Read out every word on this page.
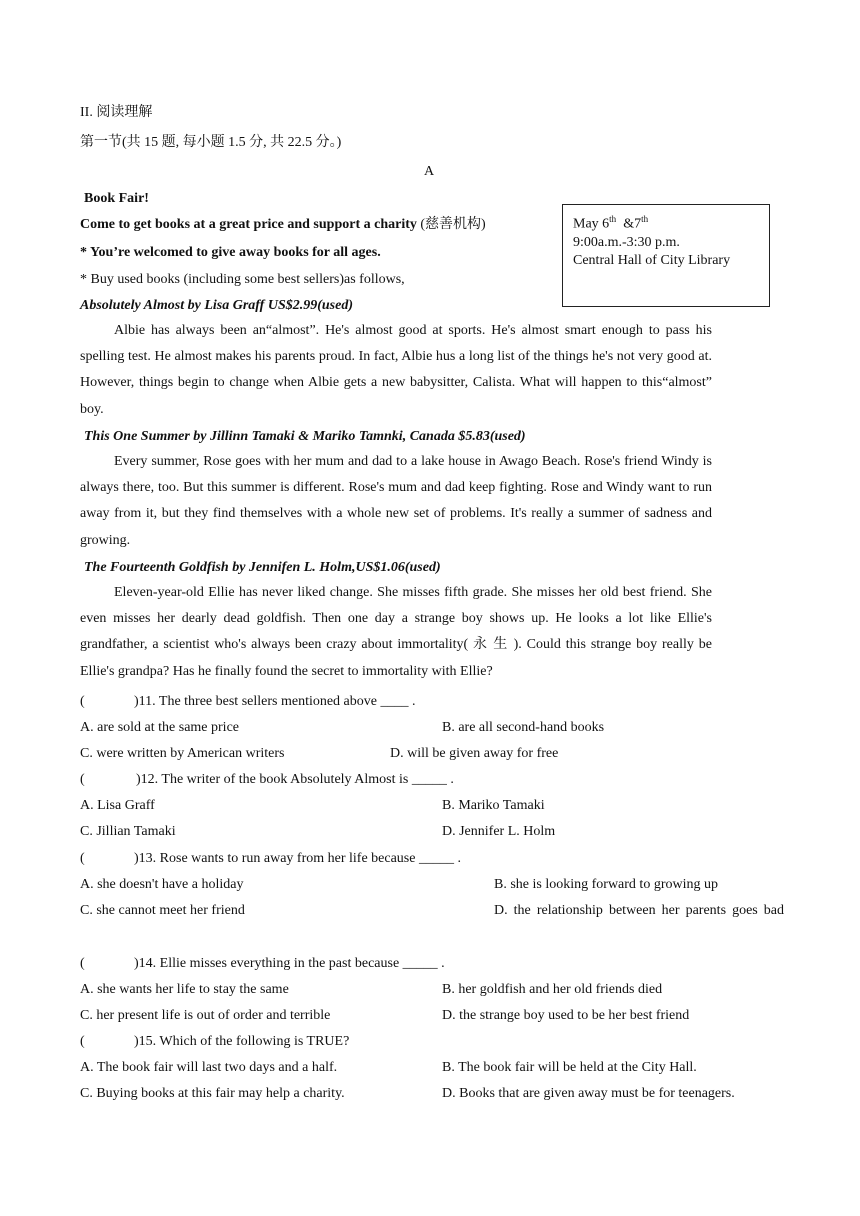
II. 阅读理解
第一节(共 15 题, 每小题 1.5 分, 共 22.5 分。)
A
Book Fair!
Come to get books at a great price and support a charity (慈善机构)
* You’re welcomed to give away books for all ages.
* Buy used books (including some best sellers)as follows,
May 6th  &7th
9:00a.m.-3:30 p.m.
Central Hall of City Library
Absolutely Almost by Lisa Graff US$2.99(used)

Albie has always been an“almost”. He's almost good at sports. He's almost smart enough to pass his spelling test. He almost makes his parents proud. In fact, Albie hus a long list of the things he's not very good at. However, things begin to change when Albie gets a new babysitter, Calista. What will happen to this“almost” boy.

This One Summer by Jillinn Tamaki & Mariko Tamnki, Canada $5.83(used)

Every summer, Rose goes with her mum and dad to a lake house in Awago Beach. Rose's friend Windy is always there, too. But this summer is different. Rose's mum and dad keep fighting. Rose and Windy want to run away from it, but they find themselves with a whole new set of problems. It's really a summer of sadness and growing.

The Fourteenth Goldfish by Jennifen L. Holm,US$1.06(used)

Eleven-year-old Ellie has never liked change. She misses fifth grade. She misses her old best friend. She even misses her dearly dead goldfish. Then one day a strange boy shows up. He looks a lot like Ellie's grandfather, a scientist who's always been crazy about immortality( 永 生 ). Could this strange boy really be Ellie's grandpa? Has he finally found the secret to immortality with Ellie?

(	)11. The three best sellers mentioned above ____ .
A. are sold at the same price	B. are all second-hand books
C. were written by American writers	D. will be given away for free
(	)12. The writer of the book Absolutely Almost is _____ .
A. Lisa Graff	B. Mariko Tamaki
C. Jillian Tamaki	D. Jennifer L. Holm
(	)13. Rose wants to run away from her life because _____ .
A. she doesn't have a holiday	B. she is looking forward to growing up
C. she cannot meet her friend	D. the relationship between her parents goes bad
(	)14. Ellie misses everything in the past because _____ .
A. she wants her life to stay the same	B. her goldfish and her old friends died
C. her present life is out of order and terrible	D. the strange boy used to be her best friend
(	)15. Which of the following is TRUE?
A. The book fair will last two days and a half.	B. The book fair will be held at the City Hall.
C. Buying books at this fair may help a charity.	D. Books that are given away must be for teenagers.
